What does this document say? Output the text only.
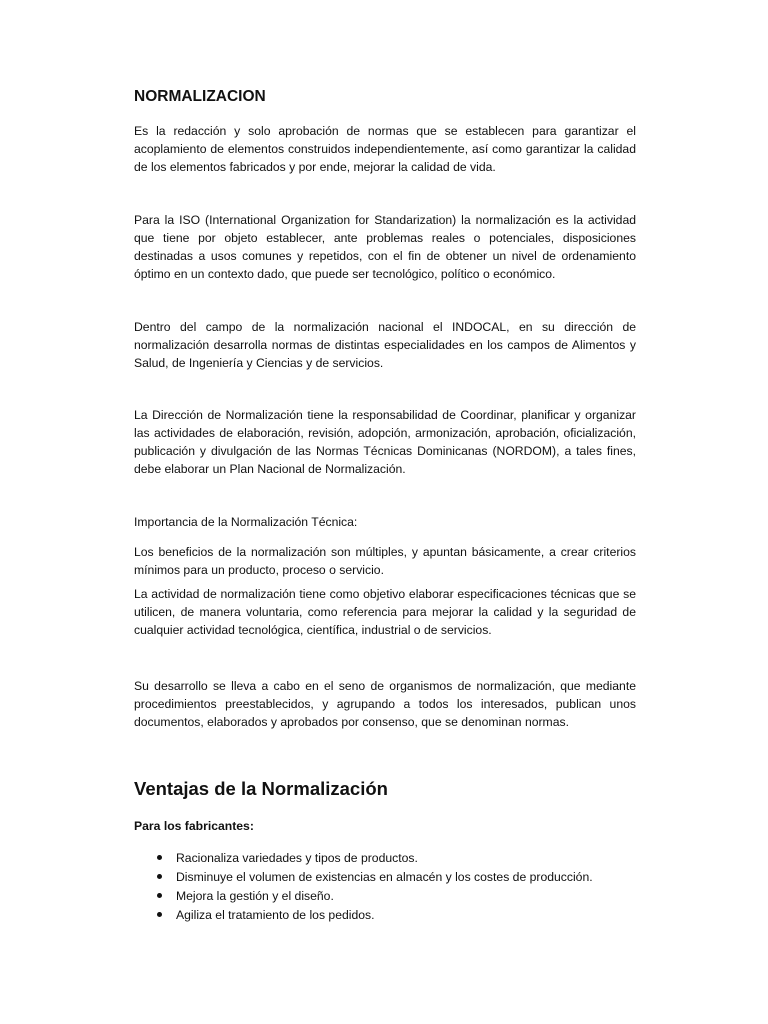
NORMALIZACION

Es la redacción y solo aprobación de normas que se establecen para garantizar el acoplamiento de elementos construidos independientemente, así como garantizar la calidad de los elementos fabricados y por ende, mejorar la calidad de vida.

Para la ISO (International Organization for Standarization) la normalización es la actividad que tiene por objeto establecer, ante problemas reales o potenciales, disposiciones destinadas a usos comunes y repetidos, con el fin de obtener un nivel de ordenamiento óptimo en un contexto dado, que puede ser tecnológico, político o económico.

Dentro del campo de la normalización nacional el INDOCAL, en su dirección de normalización desarrolla normas de distintas especialidades en los campos de Alimentos y Salud, de Ingeniería y Ciencias y de servicios.

La Dirección de Normalización tiene la responsabilidad de Coordinar, planificar y organizar las actividades de elaboración, revisión, adopción, armonización, aprobación, oficialización, publicación y divulgación de las Normas Técnicas Dominicanas (NORDOM), a tales fines, debe elaborar un Plan Nacional de Normalización.

Importancia de la Normalización Técnica:

Los beneficios de la normalización son múltiples, y apuntan básicamente, a crear criterios mínimos para un producto, proceso o servicio.

La actividad de normalización tiene como objetivo elaborar especificaciones técnicas que se utilicen, de manera voluntaria, como referencia para mejorar la calidad y la seguridad de cualquier actividad tecnológica, científica, industrial o de servicios.

Su desarrollo se lleva a cabo en el seno de organismos de normalización, que mediante procedimientos preestablecidos, y agrupando a todos los interesados, publican unos documentos, elaborados y aprobados por consenso, que se denominan normas.

Ventajas de la Normalización

Para los fabricantes:

Racionaliza variedades y tipos de productos.
Disminuye el volumen de existencias en almacén y los costes de producción.
Mejora la gestión y el diseño.
Agiliza el tratamiento de los pedidos.
